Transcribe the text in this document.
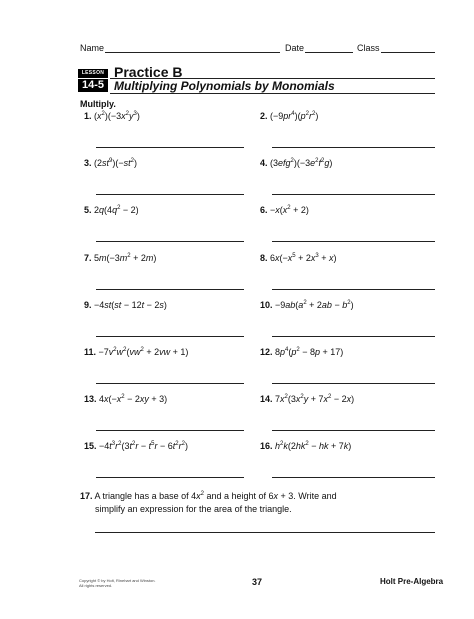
Name	Date	Class
LESSON
14-5
Practice B
Multiplying Polynomials by Monomials
Multiply.
1. $(x^2)(-3x^2y^3)$	2. $(-9pr^4)(p^2r^2)$
3. $(2st^9)(-st^2)$	4. $(3efg^2)(-3e^2f^2g)$
5. $2q(4q^2 - 2)$	6. $-x(x^2 + 2)$
7. $5m(-3m^2 + 2m)$	8. $6x(-x^5 + 2x^3 + x)$
9. −4st(st − 12t − 2s)	10. $-9ab(a^2 + 2ab - b^2)$
11. $-7v^2w^2(vw^2 + 2vw + 1)$	12. $8p^4(p^2 - 8p + 17)$
13. $4x(-x^2 - 2xy + 3)$	14. $7x^2(3x^2y + 7x^2 - 2x)$
15. $-4t^3r^2(3t^2r - t^5r - 6t^2r^2)$	16. $h^2k(2hk^2$ − hk + 7k)
17. A triangle has a base of $4x^2$ and a height of 6x + 3. Write and
simplify an expression for the area of the triangle.
Copyright © by Holt, Rinehart and Winston.
All rights reserved.	37	Holt Pre-Algebra
